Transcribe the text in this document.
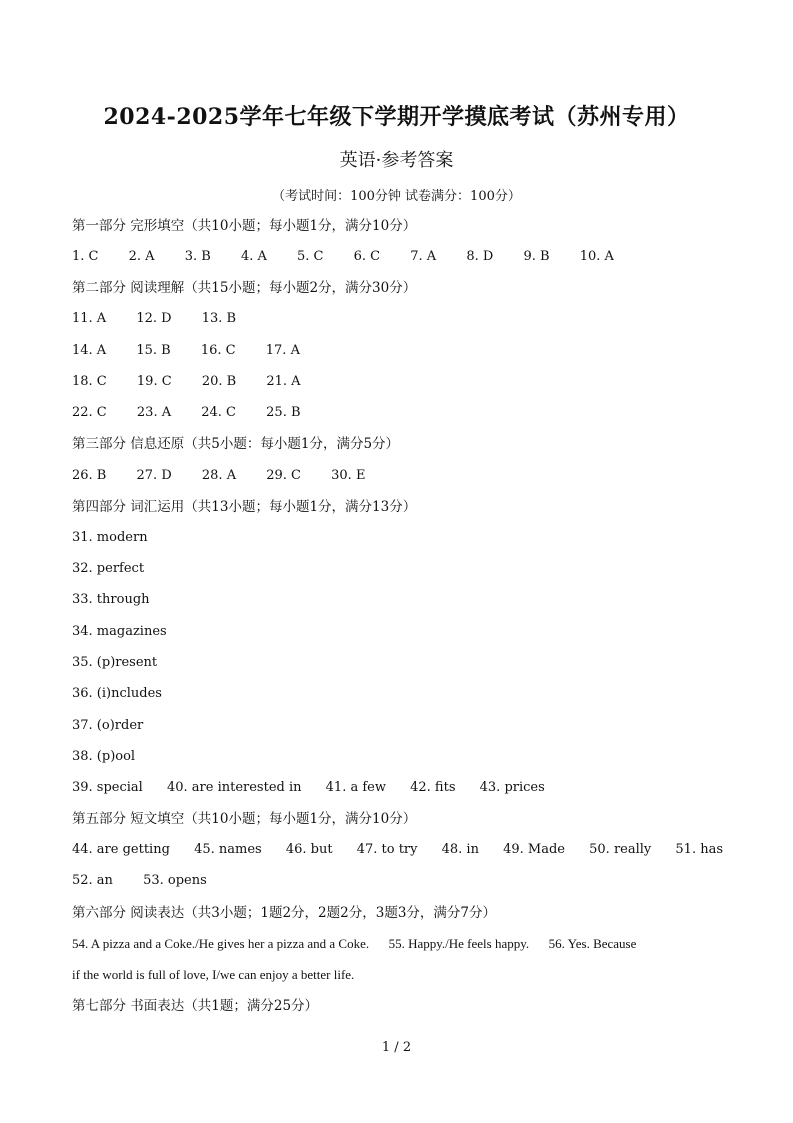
2024-2025学年七年级下学期开学摸底考试（苏州专用）
英语·参考答案
（考试时间：100分钟 试卷满分：100分）
第一部分 完形填空（共10小题；每小题1分，满分10分）
1. C 2. A 3. B 4. A 5. C 6. C 7. A 8. D 9. B 10. A
第二部分 阅读理解（共15小题；每小题2分，满分30分）
11. A 12. D 13. B
14. A 15. B 16. C 17. A
18. C 19. C 20. B 21. A
22. C 23. A 24. C 25. B
第三部分 信息还原（共5小题：每小题1分，满分5分）
26. B 27. D 28. A 29. C 30. E
第四部分 词汇运用（共13小题；每小题1分，满分13分）
31. modern
32. perfect
33. through
34. magazines
35. (p)resent
36. (i)ncludes
37. (o)rder
38. (p)ool
39. special 40. are interested in 41. a few 42. fits 43. prices
第五部分 短文填空（共10小题；每小题1分，满分10分）
44. are getting 45. names 46. but 47. to try 48. in 49. Made 50. really 51. has
52. an 53. opens
第六部分 阅读表达（共3小题；1题2分，2题2分，3题3分，满分7分）
54. A pizza and a Coke./He gives her a pizza and a Coke.      55. Happy./He feels happy.      56. Yes. Because
if the world is full of love, I/we can enjoy a better life.
第七部分 书面表达（共1题；满分25分）
1 / 2
